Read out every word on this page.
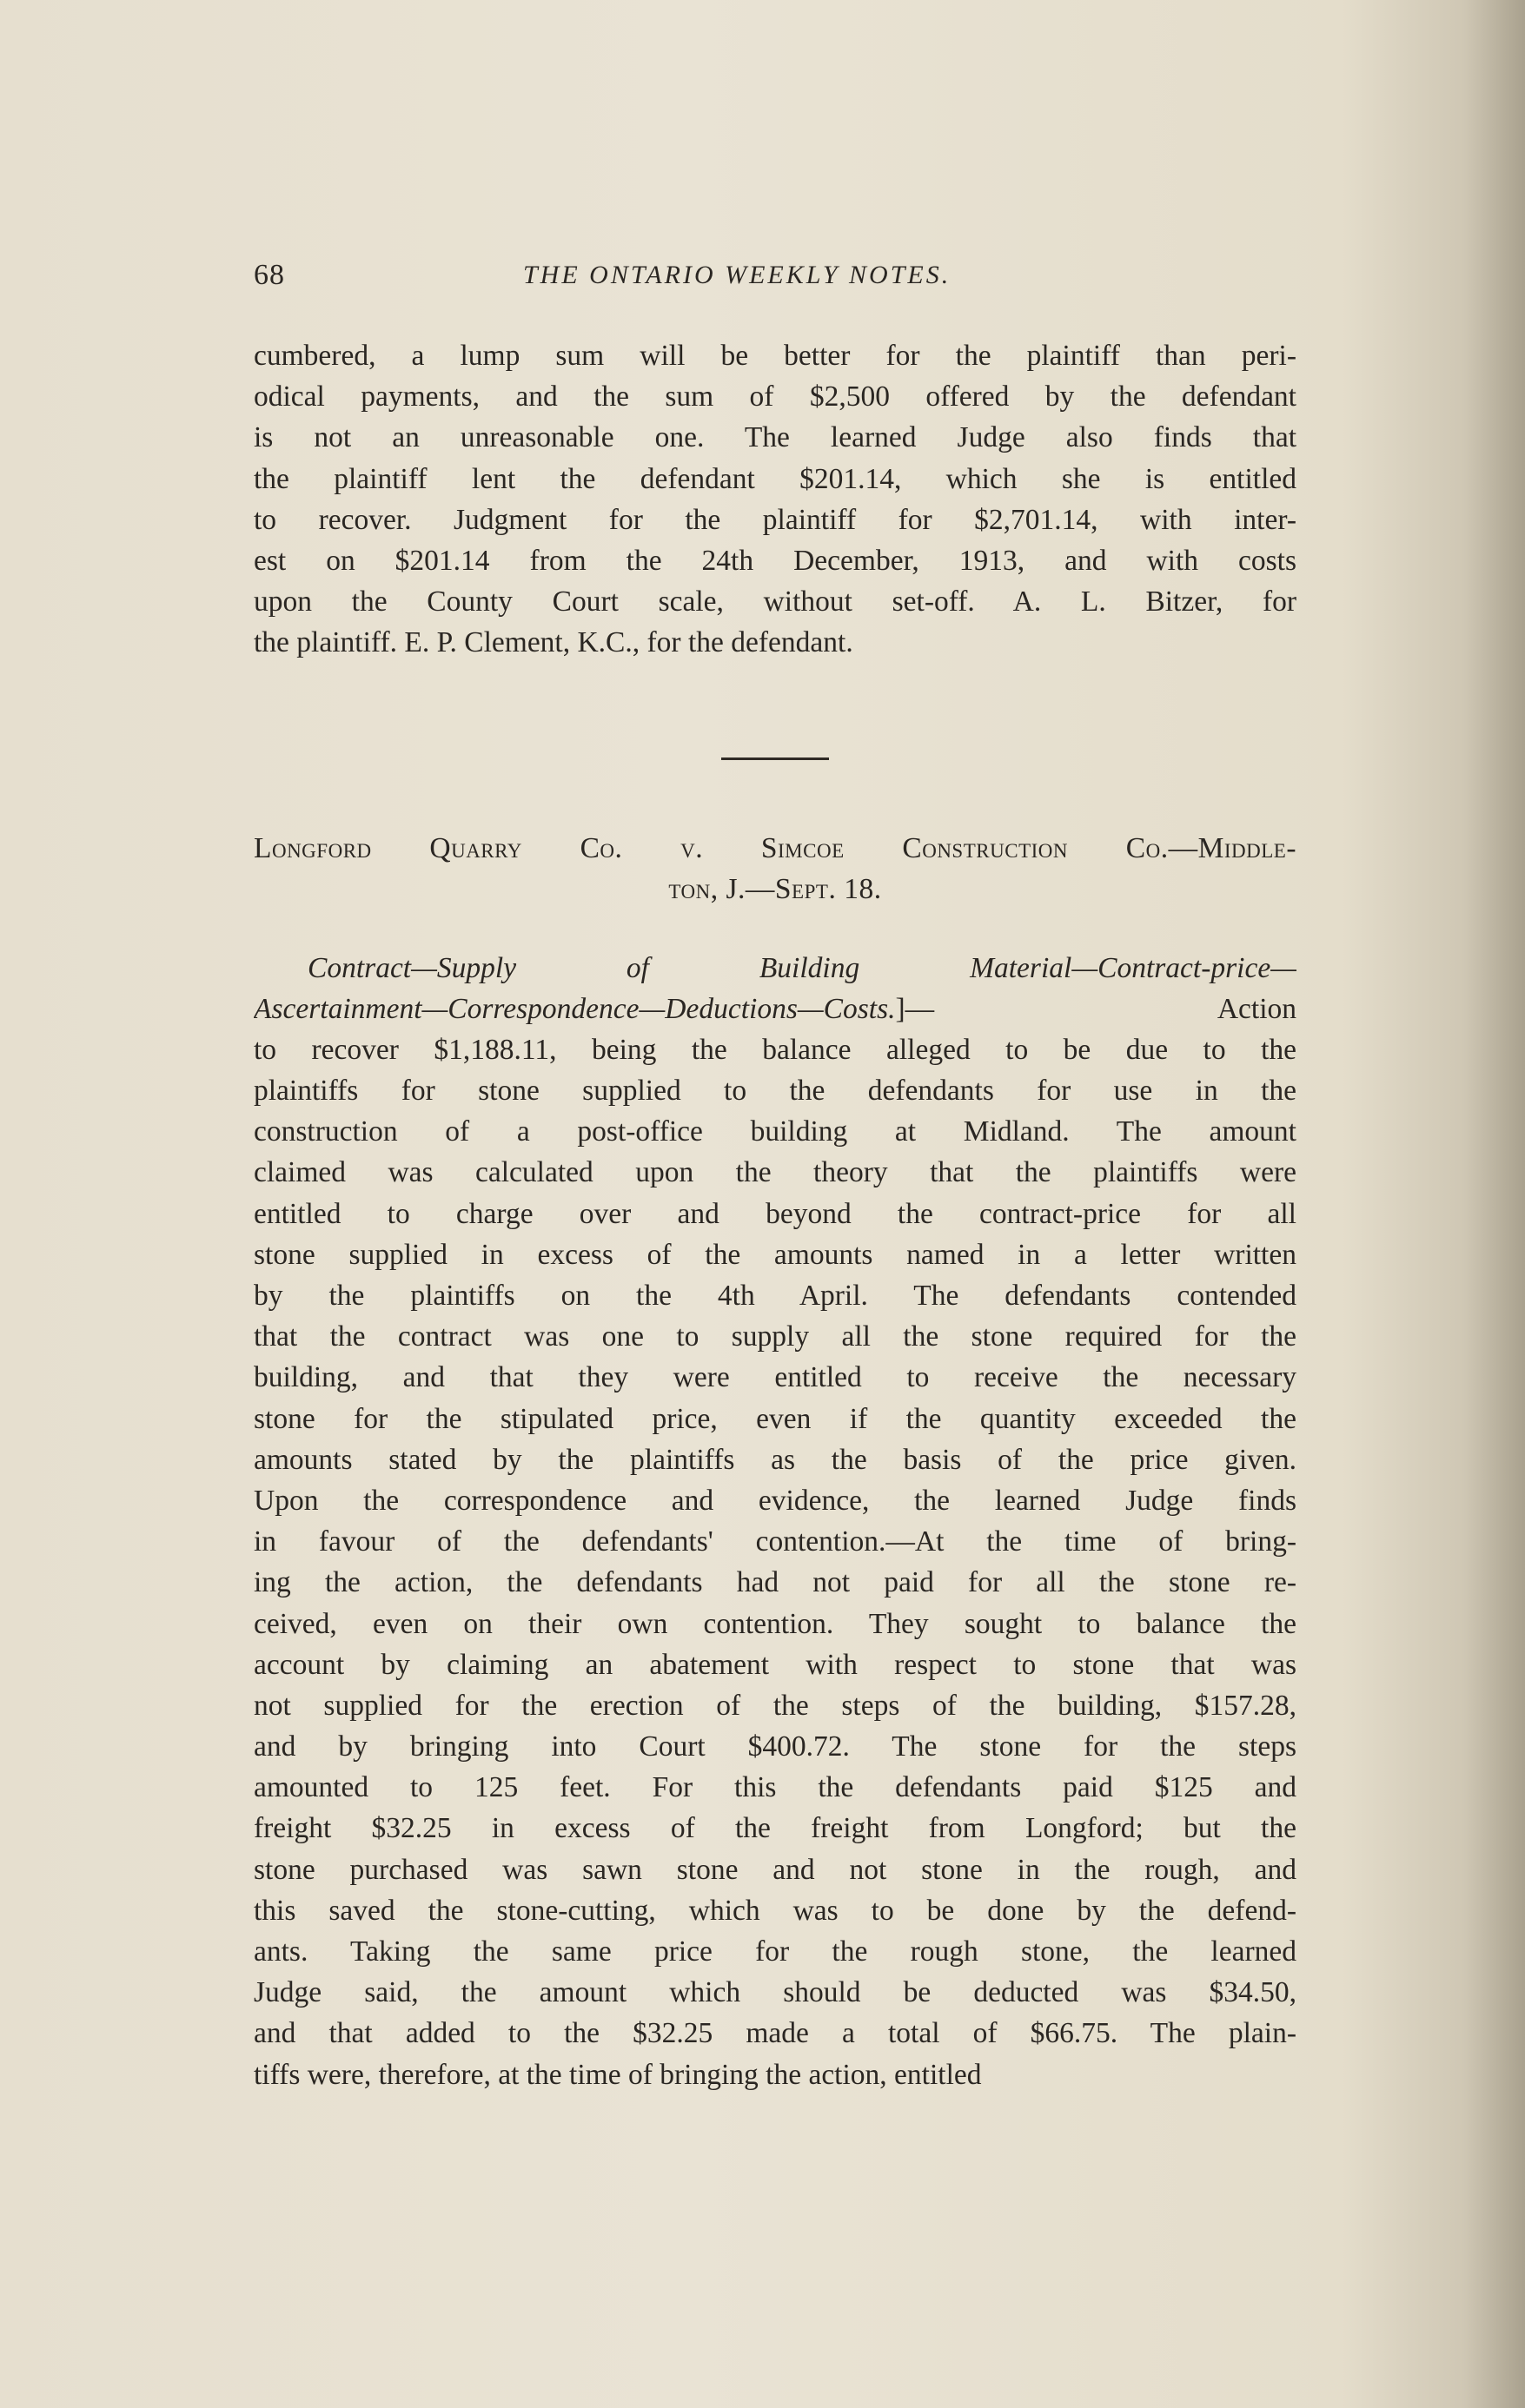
68	THE ONTARIO WEEKLY NOTES.
cumbered, a lump sum will be better for the plaintiff than peri-
odical payments, and the sum of $2,500 offered by the defendant
is not an unreasonable one. The learned Judge also finds that
the plaintiff lent the defendant $201.14, which she is entitled
to recover. Judgment for the plaintiff for $2,701.14, with inter-
est on $201.14 from the 24th December, 1913, and with costs
upon the County Court scale, without set-off. A. L. Bitzer, for
the plaintiff. E. P. Clement, K.C., for the defendant.
Longford Quarry Co. v. Simcoe Construction Co.—Middle-
ton, J.—Sept. 18.
Contract—Supply of Building Material—Contract-price—
Ascertainment—Correspondence—Deductions—Costs.]— Action
to recover $1,188.11, being the balance alleged to be due to the
plaintiffs for stone supplied to the defendants for use in the
construction of a post-office building at Midland. The amount
claimed was calculated upon the theory that the plaintiffs were
entitled to charge over and beyond the contract-price for all
stone supplied in excess of the amounts named in a letter written
by the plaintiffs on the 4th April. The defendants contended
that the contract was one to supply all the stone required for the
building, and that they were entitled to receive the necessary
stone for the stipulated price, even if the quantity exceeded the
amounts stated by the plaintiffs as the basis of the price given.
Upon the correspondence and evidence, the learned Judge finds
in favour of the defendants' contention.—At the time of bring-
ing the action, the defendants had not paid for all the stone re-
ceived, even on their own contention. They sought to balance the
account by claiming an abatement with respect to stone that was
not supplied for the erection of the steps of the building, $157.28,
and by bringing into Court $400.72. The stone for the steps
amounted to 125 feet. For this the defendants paid $125 and
freight $32.25 in excess of the freight from Longford; but the
stone purchased was sawn stone and not stone in the rough, and
this saved the stone-cutting, which was to be done by the defend-
ants. Taking the same price for the rough stone, the learned
Judge said, the amount which should be deducted was $34.50,
and that added to the $32.25 made a total of $66.75. The plain-
tiffs were, therefore, at the time of bringing the action, entitled
